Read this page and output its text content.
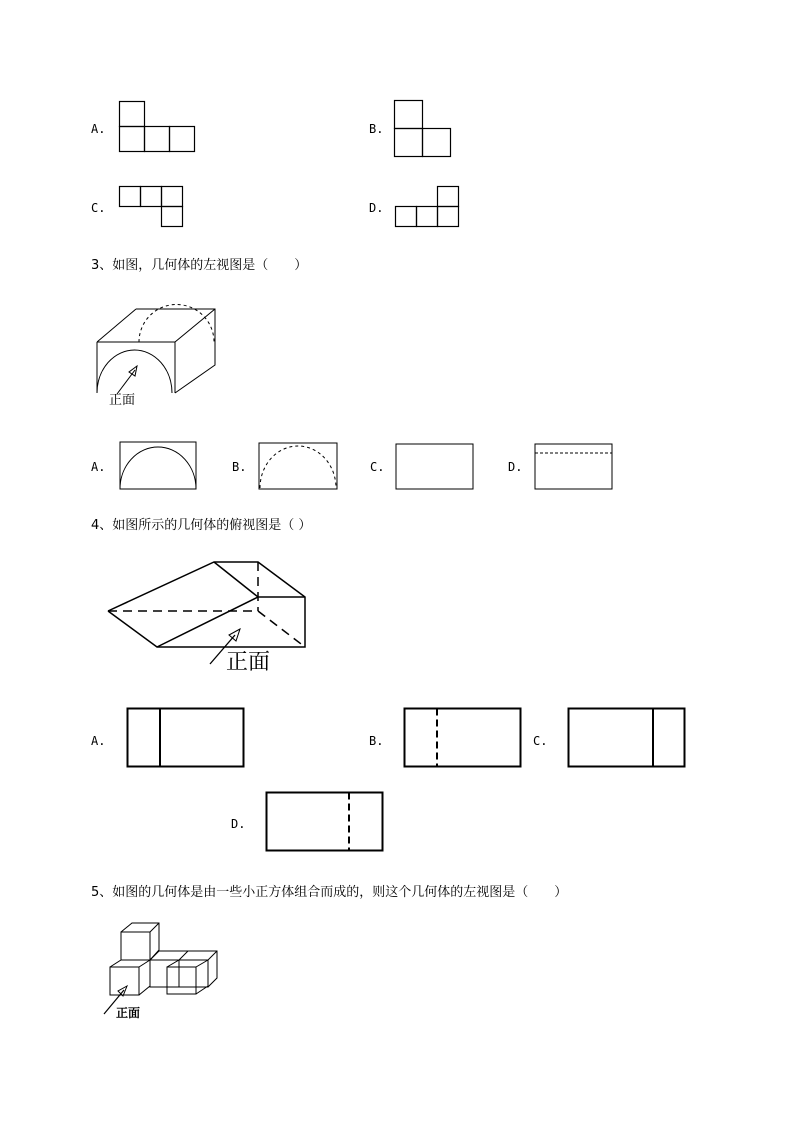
A.	B.
C.	D.
3、如图，几何体的左视图是（　　）
正面
A.	B.	C.	D.
4、如图所示的几何体的俯视图是（ ）
正面
A.	B.	C.
D.
5、如图的几何体是由一些小正方体组合而成的，则这个几何体的左视图是（　　）
正面
